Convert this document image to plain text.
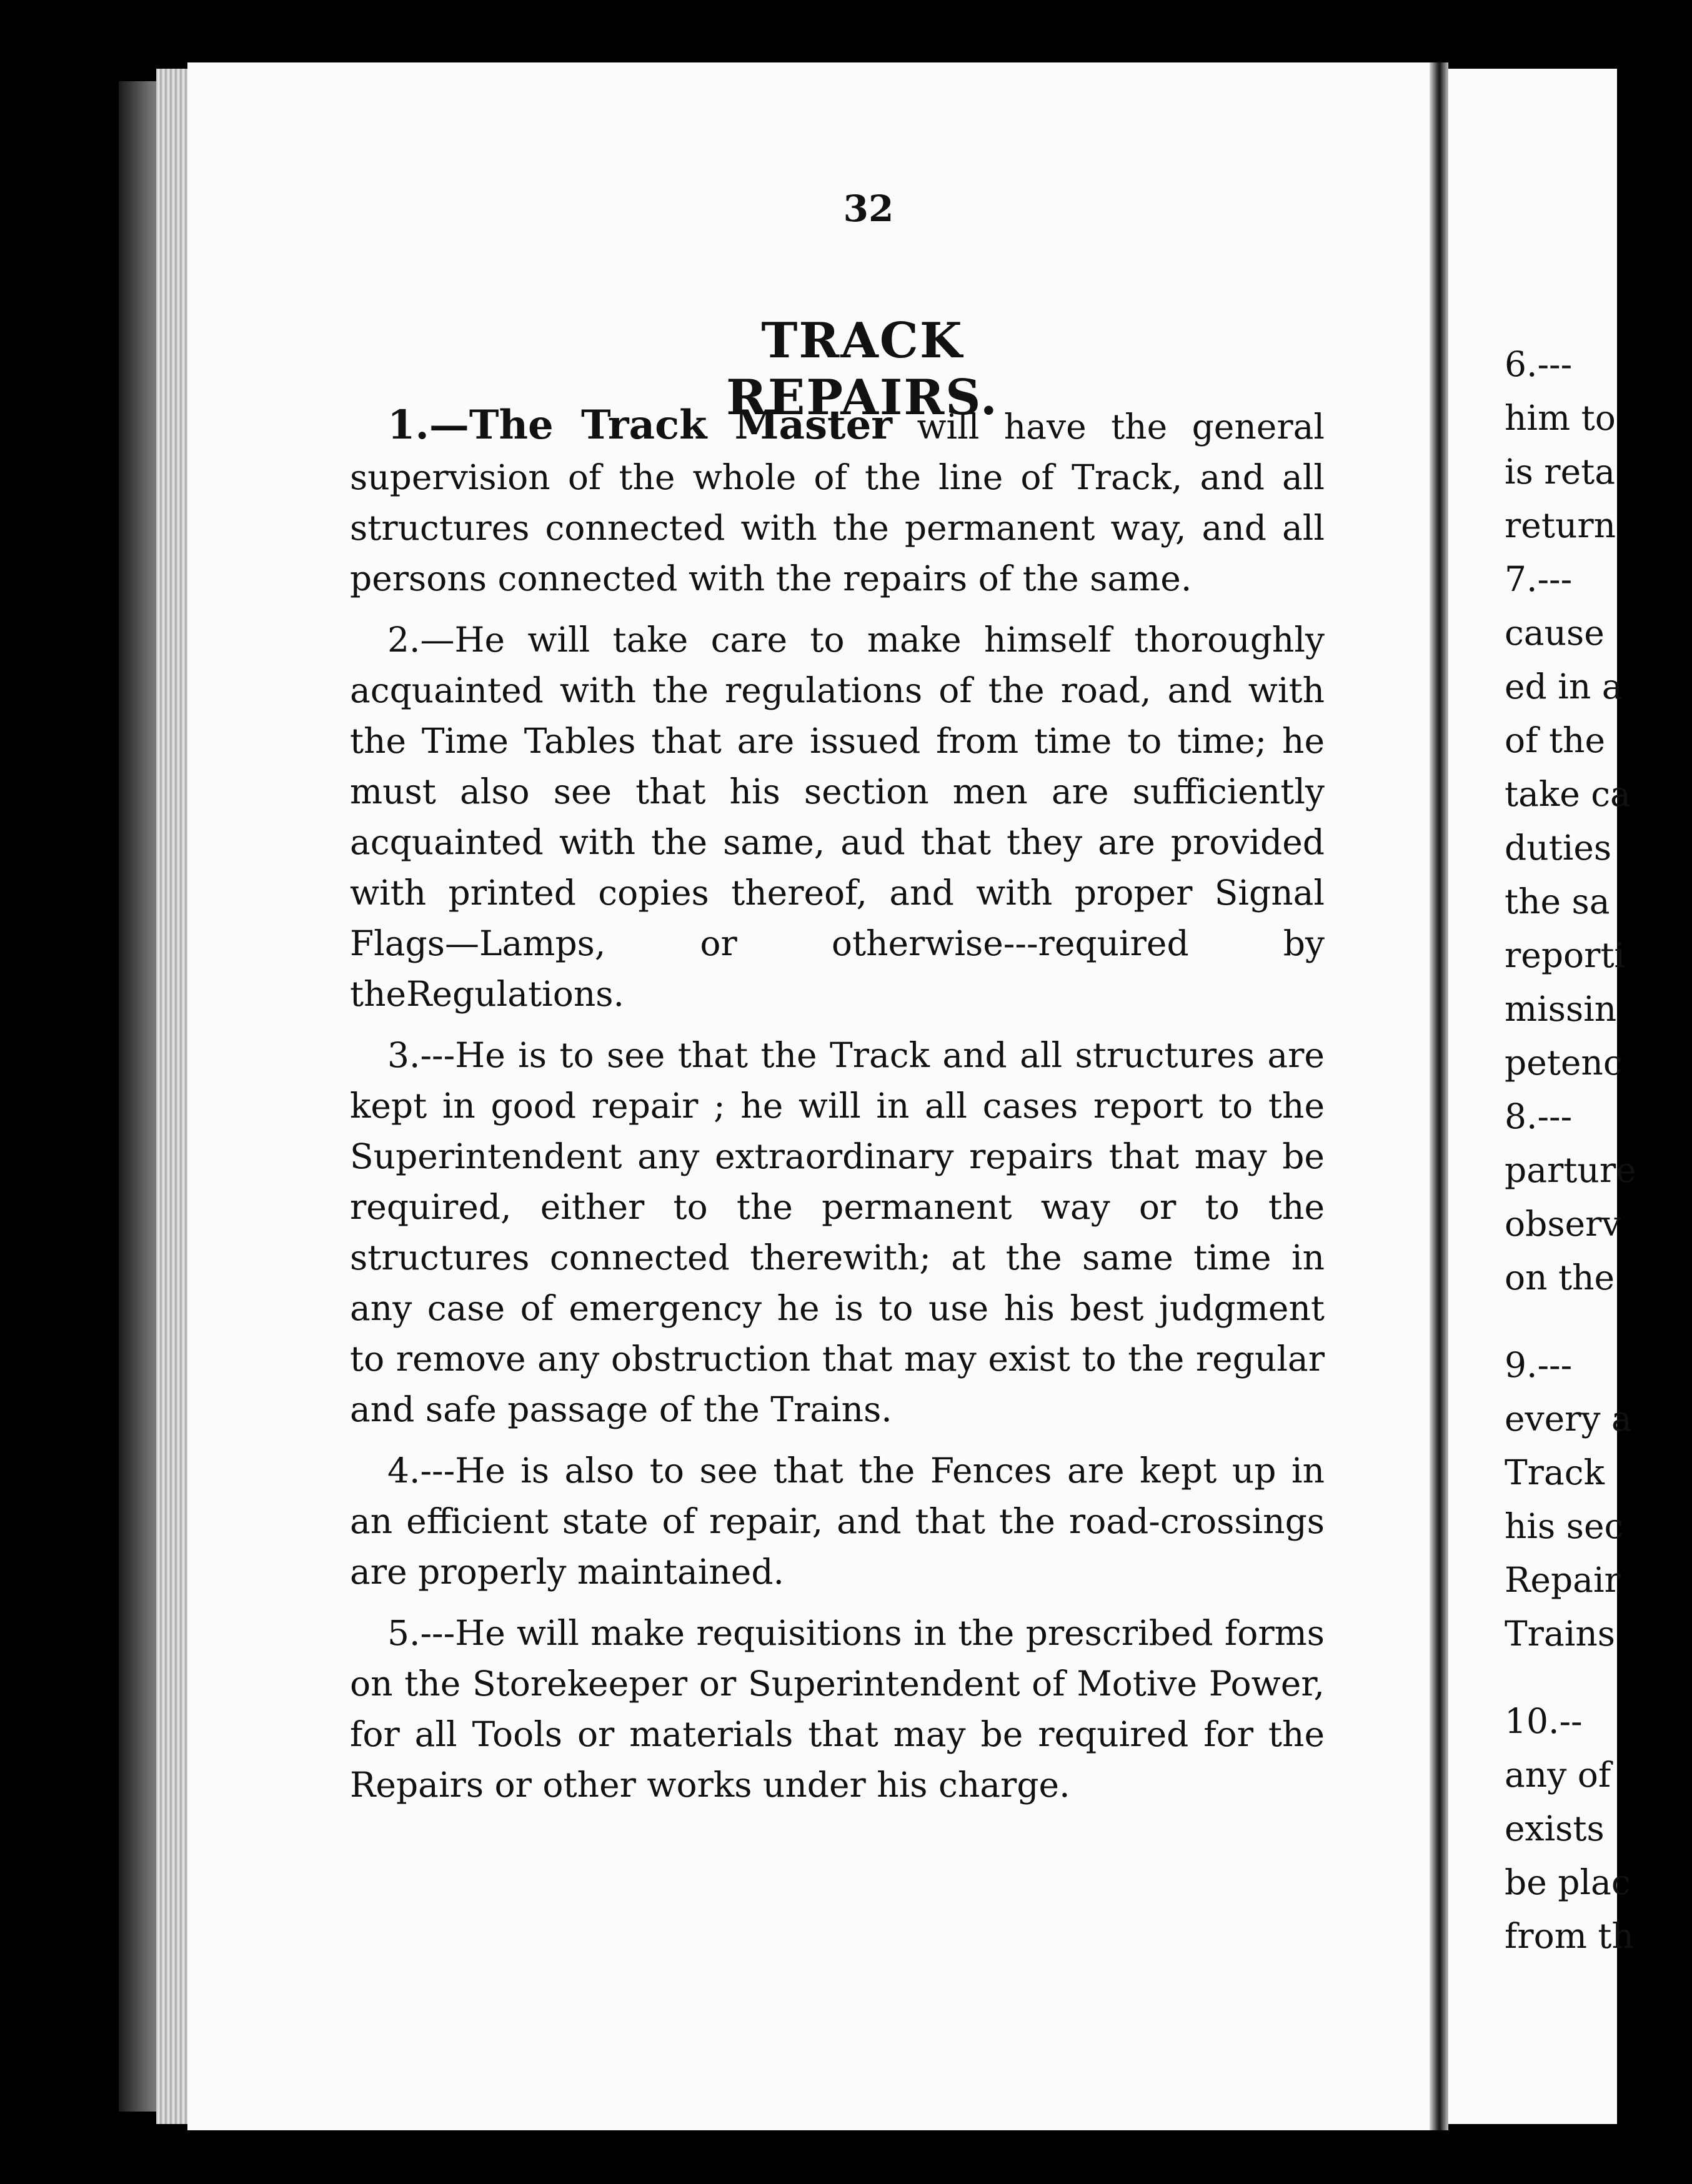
6.---
him to
is reta
return
7.---
cause
ed in a
of the
take ca
duties
the sa
reporti
missin
petenc
8.---
parture
observ
on the
9.---
every a
Track
his sec
Repair
Trains
10.--
any of
exists
be plac
from th
32
TRACK REPAIRS.

1.—The Track Master will have the general supervision of the whole of the line of Track, and all structures connected with the permanent way, and all persons connected with the repairs of the same.

2.—He will take care to make himself thoroughly acquainted with the regulations of the road, and with the Time Tables that are issued from time to time; he must also see that his section men are sufficiently acquainted with the same, aud that they are provided with printed copies thereof, and with proper Signal Flags—Lamps, or otherwise---required by theRegulations.

3.---He is to see that the Track and all structures are kept in good repair ; he will in all cases report to the Superintendent any extraordinary repairs that may be required, either to the permanent way or to the structures connected therewith; at the same time in any case of emergency he is to use his best judgment to remove any obstruction that may exist to the regular and safe passage of the Trains.

4.---He is also to see that the Fences are kept up in an efficient state of repair, and that the road-crossings are properly maintained.

5.---He will make requisitions in the prescribed forms on the Storekeeper or Superintendent of Motive Power, for all Tools or materials that may be required for the Repairs or other works under his charge.
